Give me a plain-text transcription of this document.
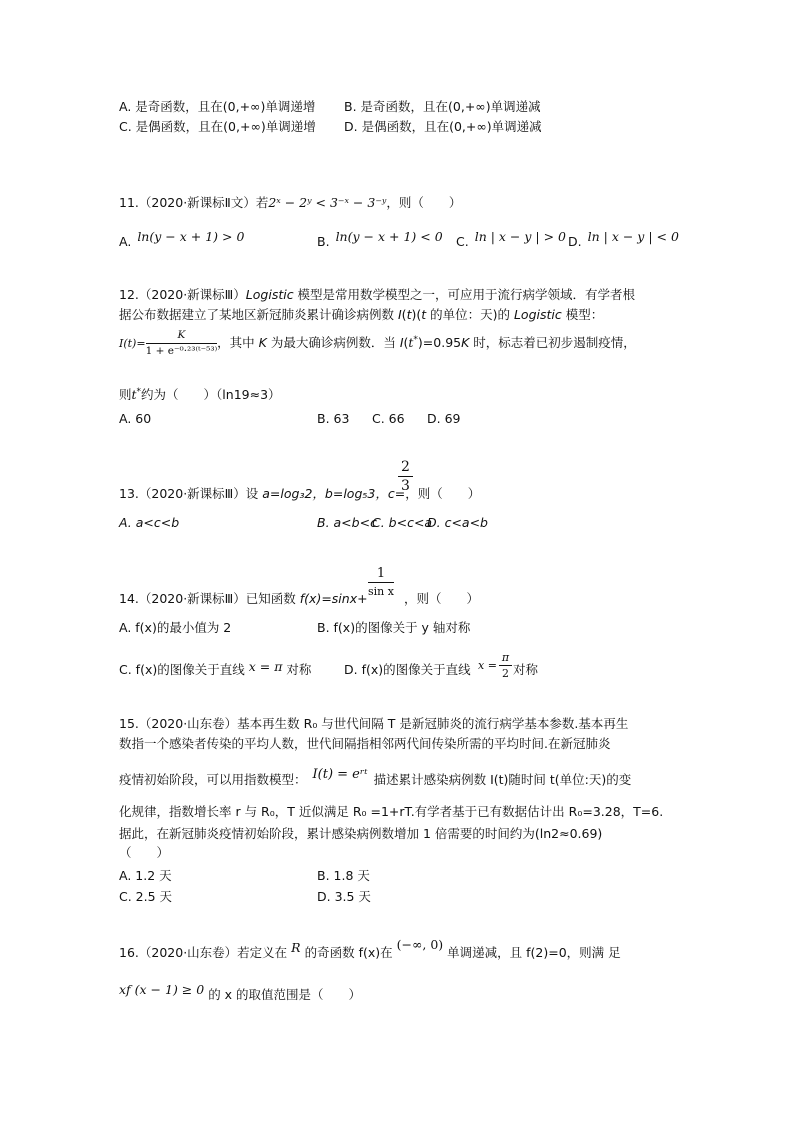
A. 是奇函数，且在(0,+∞)单调递增 B. 是奇函数，且在(0,+∞)单调递减
C. 是偶函数，且在(0,+∞)单调递增 D. 是偶函数，且在(0,+∞)单调递减
11.（2020·新课标Ⅱ文）若2ˣ − 2ʸ < 3⁻ˣ − 3⁻ʸ，则（　　）
A. ln(y − x + 1) > 0	B. ln(y − x + 1) < 0 C. ln | x − y | > 0 D. ln | x − y | < 0
12.（2020·新课标Ⅲ）Logistic 模型是常用数学模型之一，可应用于流行病学领域．有学者根
据公布数据建立了某地区新冠肺炎累计确诊病例数 I(t)(t 的单位：天)的 Logistic 模型：
$I(t)= \frac{K}{\text{1 + e⁻⁰·²³⁽ᵗ⁻⁵³⁾}}$ ，其中 K 为最大确诊病例数．当 I(t*)=0.95K 时，标志着已初步遏制疫情，
则t*约为（　　）（ln19≈3）
A. 60	B. 63 C. 66 D. 69
13.（2020·新课标Ⅲ）设 a=log₃2，b=log₅3，c=，则（　　）
$\frac{2}{3}$
A. a<c<b	B. a<b<c
C. b<c<a
D. c<a<b
14.（2020·新课标Ⅲ）已知函数 f(x)=sinx+
1
sin x ，则（　　）
A. f(x)的最小值为 2	B. f(x)的图像关于 y 轴对称
C. f(x)的图像关于直线 x = π 对称	D. f(x)的图像关于直线 $x = \frac{\pi}{2}$ 对称
15.（2020·山东卷）基本再生数 R₀ 与世代间隔 T 是新冠肺炎的流行病学基本参数.基本再生
数指一个感染者传染的平均人数，世代间隔指相邻两代间传染所需的平均时间.在新冠肺炎
疫情初始阶段，可以用指数模型： I(t) = eʳᵗ 描述累计感染病例数 I(t)随时间 t(单位:天)的变
化规律，指数增长率 r 与 R₀，T 近似满足 R₀ =1+rT.有学者基于已有数据估计出 R₀=3.28，T=6.
据此，在新冠肺炎疫情初始阶段，累计感染病例数增加 1 倍需要的时间约为(ln2≈0.69)
（　　）
A. 1.2 天	B. 1.8 天
C. 2.5 天	D. 3.5 天
16.（2020·山东卷）若定义在 R 的奇函数 f(x)在(−∞, 0)单调递减，且 f(2)=0，则满 足
xf (x − 1) ≥ 0 的 x 的取值范围是（　　）
